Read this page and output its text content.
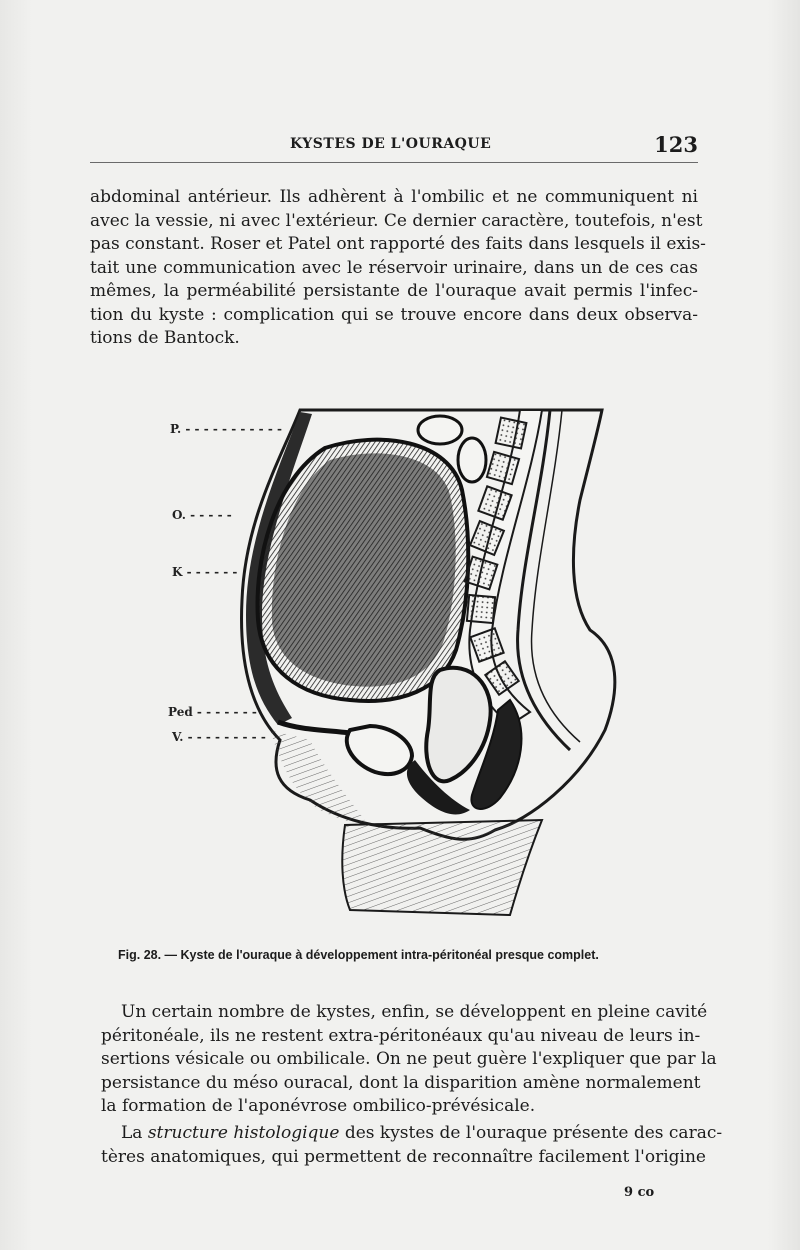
KYSTES DE L'OURAQUE	123
abdominal antérieur. Ils adhèrent à l'ombilic et ne communiquent ni
avec la vessie, ni avec l'extérieur. Ce dernier caractère, toutefois, n'est
pas constant. Roser et Patel ont rapporté des faits dans lesquels il exis-
tait une communication avec le réservoir urinaire, dans un de ces cas
mêmes, la perméabilité persistante de l'ouraque avait permis l'infec-
tion du kyste : complication qui se trouve encore dans deux observa-
tions de Bantock.
P. - - - - - - - - - - -
O. - - - - -
K - - - - - -
Ped - - - - - - -
V. - - - - - - - - -
Fig. 28. — Kyste de l'ouraque à développement intra-péritonéal presque complet.
Un certain nombre de kystes, enfin, se développent en pleine cavité
péritonéale, ils ne restent extra-péritonéaux qu'au niveau de leurs in-
sertions vésicale ou ombilicale. On ne peut guère l'expliquer que par la
persistance du méso ouracal, dont la disparition amène normalement
la formation de l'aponévrose ombilico-prévésicale.
La structure histologique des kystes de l'ouraque présente des carac-
tères anatomiques, qui permettent de reconnaître facilement l'origine
9 co
